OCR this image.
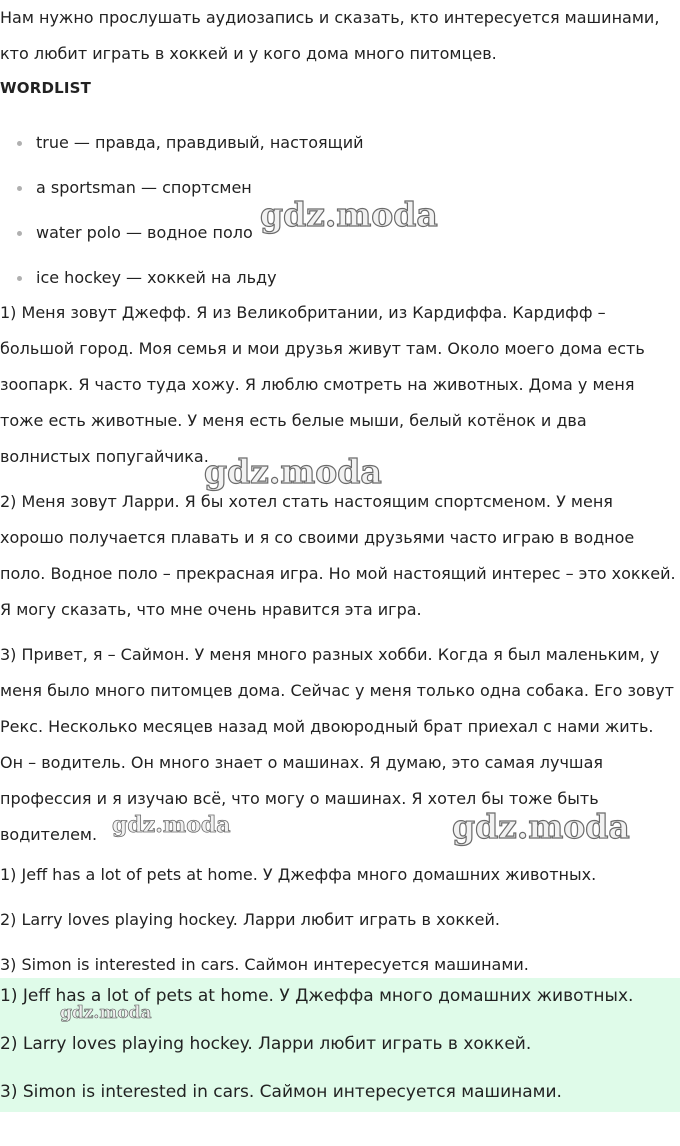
Нам нужно прослушать аудиозапись и сказать, кто интересуется машинами, кто любит играть в хоккей и у кого дома много питомцев.

WORDLIST
true — правда, правдивый, настоящий
a sportsman — спортсмен
water polo — водное поло
ice hockey — хоккей на льду

1) Меня зовут Джефф. Я из Великобритании, из Кардиффа. Кардифф – большой город. Моя семья и мои друзья живут там. Около моего дома есть зоопарк. Я часто туда хожу. Я люблю смотреть на животных. Дома у меня тоже есть животные. У меня есть белые мыши, белый котёнок и два волнистых попугайчика.

2) Меня зовут Ларри. Я бы хотел стать настоящим спортсменом. У меня хорошо получается плавать и я со своими друзьями часто играю в водное поло. Водное поло – прекрасная игра. Но мой настоящий интерес – это хоккей. Я могу сказать, что мне очень нравится эта игра.

3) Привет, я – Саймон. У меня много разных хобби. Когда я был маленьким, у меня было много питомцев дома. Сейчас у меня только одна собака. Его зовут Рекс. Несколько месяцев назад мой двоюродный брат приехал с нами жить. Он – водитель. Он много знает о машинах. Я думаю, это самая лучшая профессия и я изучаю всё, что могу о машинах. Я хотел бы тоже быть водителем.

1) Jeff has a lot of pets at home. У Джеффа много домашних животных.

2) Larry loves playing hockey. Ларри любит играть в хоккей.

3) Simon is interested in cars. Саймон интересуется машинами.

1) Jeff has a lot of pets at home. У Джеффа много домашних животных.

2) Larry loves playing hockey. Ларри любит играть в хоккей.

3) Simon is interested in cars. Саймон интересуется машинами.

gdz.moda
gdz.moda
gdz.moda	gdz.moda
gdz.moda
